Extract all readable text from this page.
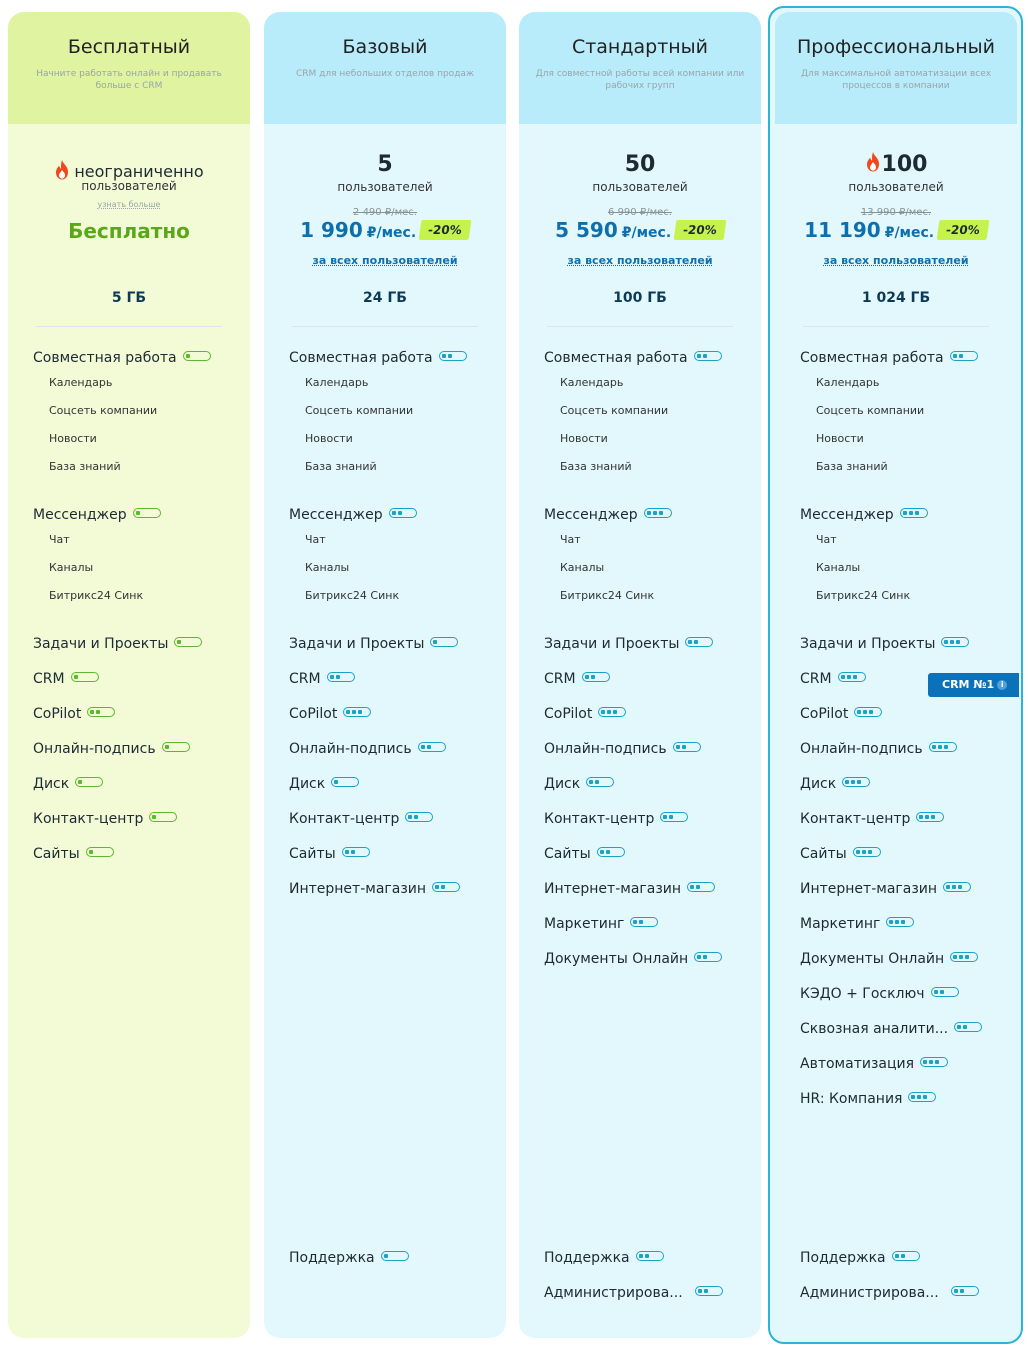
Бесплатный
Начните работать онлайн и продавать больше с CRM
неограниченно
пользователей
узнать больше
Бесплатно
5 ГБ
Совместная работа
Календарь
Соцсеть компании
Новости
База знаний
Мессенджер
Чат
Каналы
Битрикс24 Синк
Задачи и Проекты
CRM
CoPilot
Онлайн-подпись
Диск
Контакт-центр
Сайты
Базовый
CRM для небольших отделов продаж
5
пользователей
2 490 ₽/мес.
1 990 ₽/мес. -20%
за всех пользователей
24 ГБ
Совместная работа
Календарь
Соцсеть компании
Новости
База знаний
Мессенджер
Чат
Каналы
Битрикс24 Синк
Задачи и Проекты
CRM
CoPilot
Онлайн-подпись
Диск
Контакт-центр
Сайты
Интернет-магазин
Поддержка
Стандартный
Для совместной работы всей компании или рабочих групп
50
пользователей
6 990 ₽/мес.
5 590 ₽/мес. -20%
за всех пользователей
100 ГБ
Совместная работа
Календарь
Соцсеть компании
Новости
База знаний
Мессенджер
Чат
Каналы
Битрикс24 Синк
Задачи и Проекты
CRM
CoPilot
Онлайн-подпись
Диск
Контакт-центр
Сайты
Интернет-магазин
Маркетинг
Документы Онлайн
Поддержка
Администрирова...
Профессиональный
Для максимальной автоматизации всех процессов в компании
100
пользователей
13 990 ₽/мес.
11 190 ₽/мес. -20%
за всех пользователей
1 024 ГБ
Совместная работа
Календарь
Соцсеть компании
Новости
База знаний
Мессенджер
Чат
Каналы
Битрикс24 Синк
Задачи и Проекты
CRM
CoPilot
Онлайн-подпись
Диск
Контакт-центр
Сайты
Интернет-магазин
Маркетинг
Документы Онлайн
КЭДО + Госключ
Сквозная аналити...
Автоматизация
HR: Компания
Поддержка
Администрирова...
CRM №1 i
